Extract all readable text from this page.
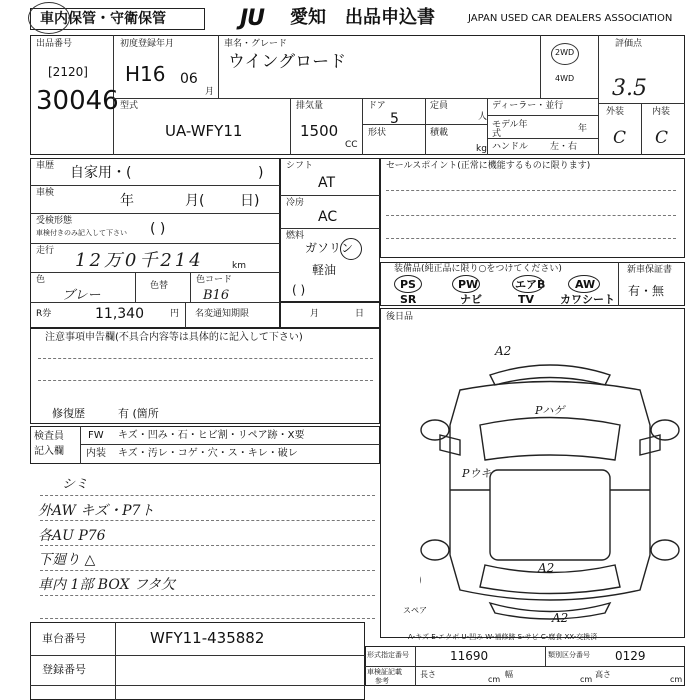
車内保管・守衛保管	JU 愛知 出品申込書	JAPAN USED CAR DEALERS ASSOCIATION
出品番号
[2120]
30046
初度登録年月
H16 06
月
車名・グレード
ウイングロード	2WD
4WD
評価点
3.5
外装	内装
C C
型式
UA-WFY11
排気量
1500
CC
ドア
5
定員
人
形状	積載
kg
ディーラー・並行
モデル年式	年
ハンドル 左・右
車歴 自家用・(	)
車検	年	月(	日)
受検形態
車検付きのみ記入して下さい ( )
走行 12万0千214	km
色
ブレー
色替
色コード
B16
R券	11,340	円 名変通知期限
シフト
AT
冷房
AC
燃料
ガソリン
軽油
( )
月	日
セールスポイント(正常に機能するものに限ります)
装備品(純正品に限り○をつけてください)	新車保証書
有・無
PS	PW	エアB	AW
SR	ナビ	TV カワシート
注意事項申告欄(不具合内容等は具体的に記入して下さい)
修復歴	有 (箇所
後日品
検査員
記入欄
FW キズ・凹み・石・ヒビ割・リペア跡・X要
内装 キズ・汚レ・コゲ・穴・ス・キレ・破レ
シミ
外AW キズ・P7ト
各AU P76
下廻り △
車内 1部 BOX フタ欠
A2
Pハゲ
Pウキ
A2
A2
スペア
A-キズ E-エクボ U-凹み W-補修跡 S-サビ C-腐食 XX-交換済
車台番号	WFY11-435882
登録番号
形式指定番号	11690	類別区分番号 0129
車検証記載
参考
長さ
cm
幅
cm
高さ
cm
